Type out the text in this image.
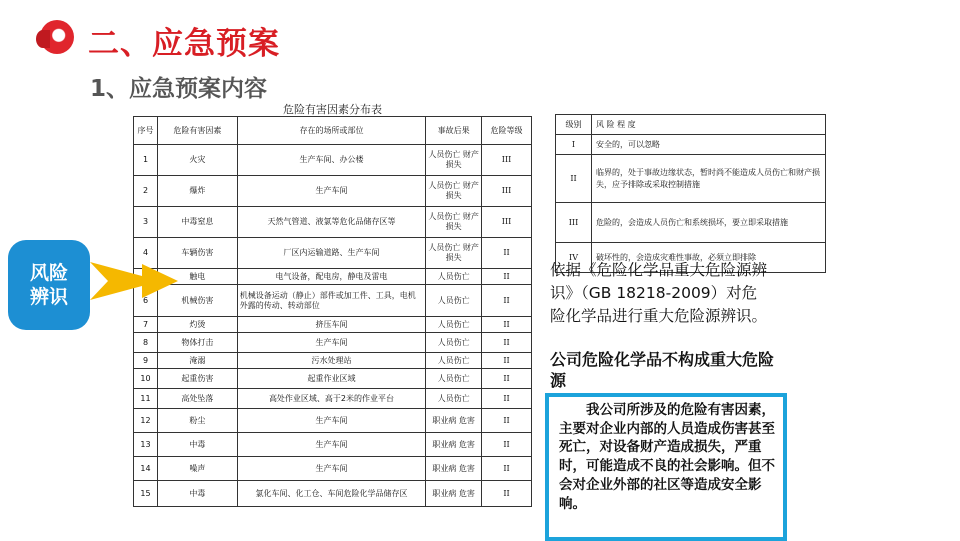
二、应急预案
1、应急预案内容
危险有害因素分布表
序号	危险有害因素	存在的场所或部位	事故后果	危险等级
1	火灾	生产车间、办公楼	人员伤亡 财产损失	III
2	爆炸	生产车间	人员伤亡 财产损失	III
3	中毒窒息	天然气管道、液氯等危化品储存区等	人员伤亡 财产损失	III
4	车辆伤害	厂区内运输道路、生产车间	人员伤亡 财产损失	II
	触电	电气设备，配电房，静电及雷电	人员伤亡	II
6	机械伤害	机械设备运动（静止）部件或加工件、工具，电机外露的传动、转动部位	人员伤亡	II
7	灼烫	挤压车间	人员伤亡	II
8	物体打击	生产车间	人员伤亡	II
9	淹溺	污水处理站	人员伤亡	II
10	起重伤害	起重作业区域	人员伤亡	II
11	高处坠落	高处作业区域、高于2米的作业平台	人员伤亡	II
12	粉尘	生产车间	职业病 危害	II
13	中毒	生产车间	职业病 危害	II
14	噪声	生产车间	职业病 危害	II
15	中毒	氯化车间、化工仓、车间危险化学品储存区	职业病 危害	II
级别	风 险 程 度
I	安全的，可以忽略
II	临界的，处于事故边缘状态，暂时尚不能造成人员伤亡和财产损失，应予排除或采取控制措施
III	危险的，会造成人员伤亡和系统损坏，要立即采取措施
IV	破坏性的，会造成灾难性事故，必须立即排除
依据《危险化学品重大危险源辨识》（GB 18218-2009）对危险化学品进行重大危险源辨识。
公司危险化学品不构成重大危险源
我公司所涉及的危险有害因素，主要对企业内部的人员造成伤害甚至死亡，对设备财产造成损失，严重时，可能造成不良的社会影响。但不会对企业外部的社区等造成安全影响。
风险辨识
